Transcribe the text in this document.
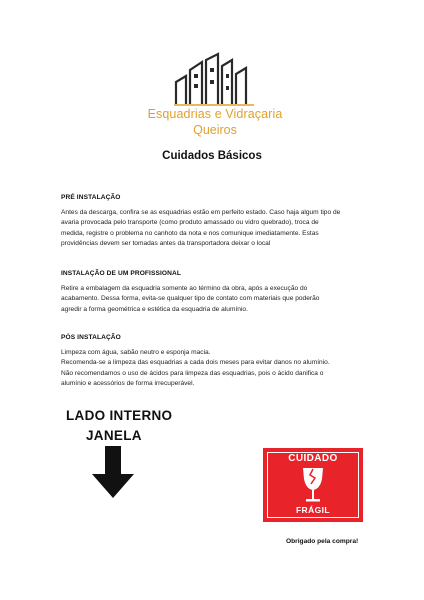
Esquadrias e Vidraçaria
Queiros
Cuidados Básicos
PRÉ INSTALAÇÃO

Antes da descarga, confira se as esquadrias estão em perfeito estado. Caso haja algum tipo de
avaria provocada pelo transporte (como produto amassado ou vidro quebrado), troca de
medida, registre o problema no canhoto da nota e nos comunique imediatamente. Estas
providências devem ser tomadas antes da transportadora deixar o local

INSTALAÇÃO DE UM PROFISSIONAL

Retire a embalagem da esquadria somente ao término da obra, após a execução do
acabamento. Dessa forma, evita-se qualquer tipo de contato com materiais que poderão
agredir a forma geométrica e estética da esquadria de alumínio.

PÓS INSTALAÇÃO

Limpeza com água, sabão neutro e esponja macia.
Recomenda-se a limpeza das esquadrias a cada dois meses para evitar danos no alumínio.
Não recomendamos o uso de ácidos para limpeza das esquadrias, pois o ácido danifica o
alumínio e acessórios de forma irrecuperável.

LADO INTERNO
JANELA
CUIDADO
FRÁGIL
Obrigado pela compra!
